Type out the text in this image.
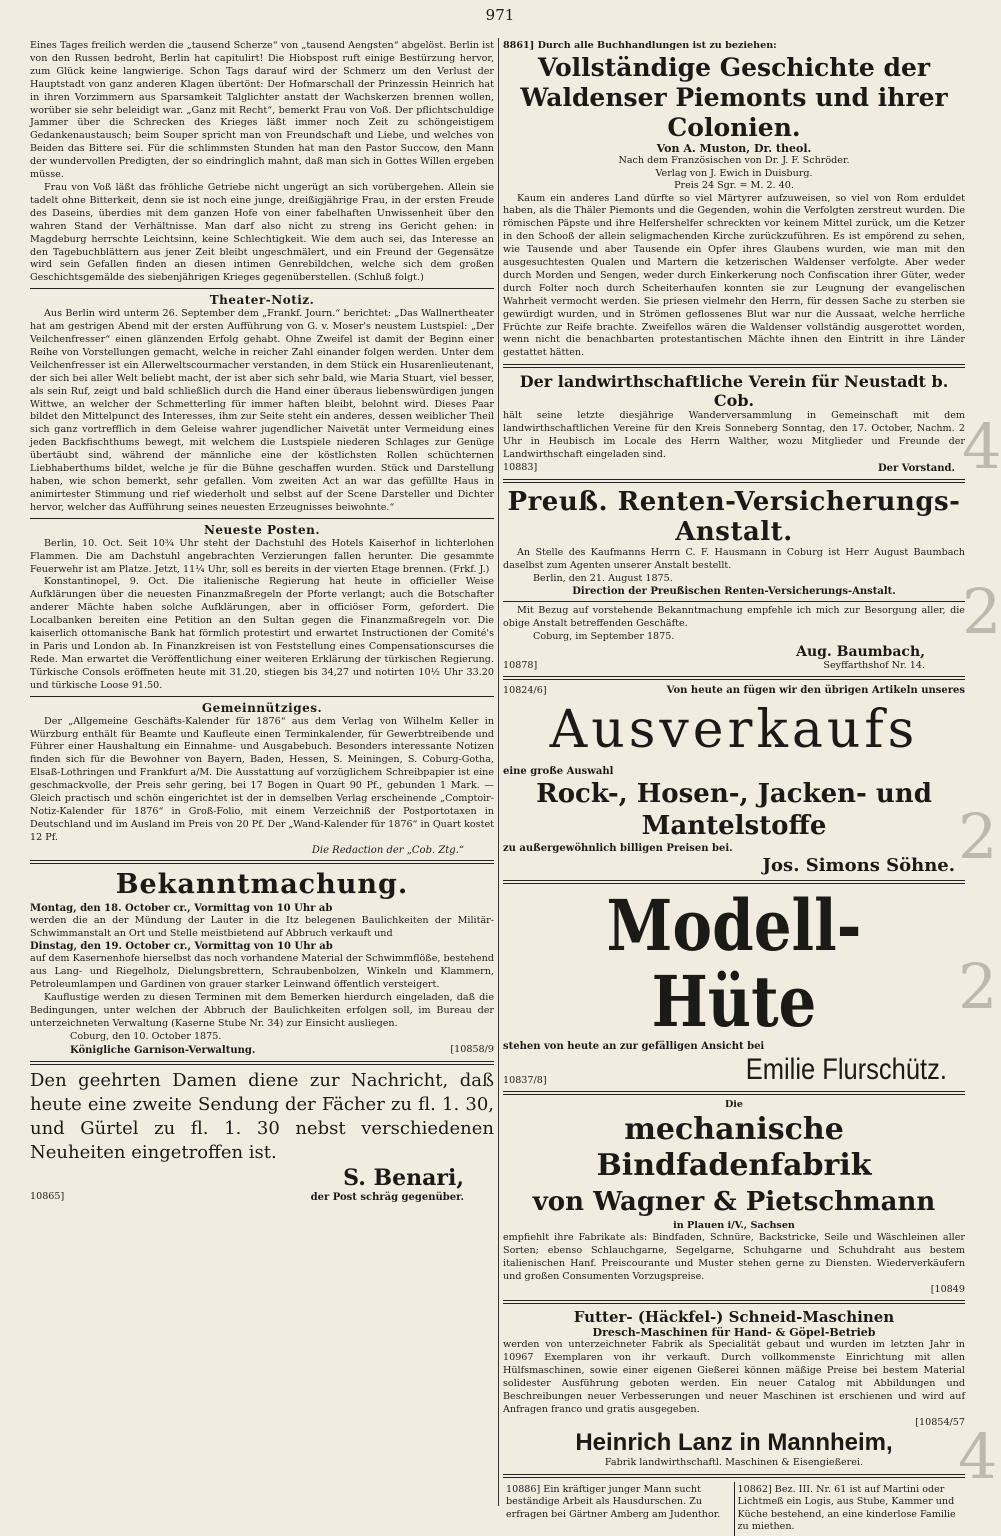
971

Eines Tages freilich werden die „tausend Scherze“ von „tausend Aengsten“ abgelöst. Berlin ist von den Russen bedroht, Berlin hat capitulirt! Die Hiobspost ruft einige Bestürzung hervor, zum Glück keine langwierige. Schon Tags darauf wird der Schmerz um den Verlust der Hauptstadt von ganz anderen Klagen übertönt: Der Hofmarschall der Prinzessin Heinrich hat in ihren Vorzimmern aus Sparsamkeit Talglichter anstatt der Wachskerzen brennen wollen, worüber sie sehr beleidigt war. „Ganz mit Recht“, bemerkt Frau von Voß. Der pflichtschuldige Jammer über die Schrecken des Krieges läßt immer noch Zeit zu schöngeistigem Gedankenaustausch; beim Souper spricht man von Freundschaft und Liebe, und welches von Beiden das Bittere sei. Für die schlimmsten Stunden hat man den Pastor Succow, den Mann der wundervollen Predigten, der so eindringlich mahnt, daß man sich in Gottes Willen ergeben müsse.

Frau von Voß läßt das fröhliche Getriebe nicht ungerügt an sich vorübergehen. Allein sie tadelt ohne Bitterkeit, denn sie ist noch eine junge, dreißigjährige Frau, in der ersten Freude des Daseins, überdies mit dem ganzen Hofe von einer fabelhaften Unwissenheit über den wahren Stand der Verhältnisse. Man darf also nicht zu streng ins Gericht gehen: in Magdeburg herrschte Leichtsinn, keine Schlechtigkeit. Wie dem auch sei, das Interesse an den Tagebuchblättern aus jener Zeit bleibt ungeschmälert, und ein Freund der Gegensätze wird sein Gefallen finden an diesen intimen Genrebildchen, welche sich dem großen Geschichtsgemälde des siebenjährigen Krieges gegenüberstellen. (Schluß folgt.)

Theater-Notiz.

Aus Berlin wird unterm 26. September dem „Frankf. Journ.“ berichtet: „Das Wallnertheater hat am gestrigen Abend mit der ersten Aufführung von G. v. Moser's neustem Lustspiel: „Der Veilchenfresser“ einen glänzenden Erfolg gehabt. Ohne Zweifel ist damit der Beginn einer Reihe von Vorstellungen gemacht, welche in reicher Zahl einander folgen werden. Unter dem Veilchenfresser ist ein Allerweltscourmacher verstanden, in dem Stück ein Husarenlieutenant, der sich bei aller Welt beliebt macht, der ist aber sich sehr bald, wie Maria Stuart, viel besser, als sein Ruf, zeigt und bald schließlich durch die Hand einer überaus liebenswürdigen jungen Wittwe, an welcher der Schmetterling für immer haften bleibt, belohnt wird. Dieses Paar bildet den Mittelpunct des Interesses, ihm zur Seite steht ein anderes, dessen weiblicher Theil sich ganz vortrefflich in dem Geleise wahrer jugendlicher Naivetät unter Vermeidung eines jeden Backfischthums bewegt, mit welchem die Lustspiele niederen Schlages zur Genüge übertäubt sind, während der männliche eine der köstlichsten Rollen schüchternen Liebhaberthums bildet, welche je für die Bühne geschaffen wurden. Stück und Darstellung haben, wie schon bemerkt, sehr gefallen. Vom zweiten Act an war das gefüllte Haus in animirtester Stimmung und rief wiederholt und selbst auf der Scene Darsteller und Dichter hervor, welcher das Aufführung seines neuesten Erzeugnisses beiwohnte.“

Neueste Posten.

Berlin, 10. Oct. Seit 10¾ Uhr steht der Dachstuhl des Hotels Kaiserhof in lichterlohen Flammen. Die am Dachstuhl angebrachten Verzierungen fallen herunter. Die gesammte Feuerwehr ist am Platze. Jetzt, 11¼ Uhr, soll es bereits in der vierten Etage brennen. (Frkf. J.)

Konstantinopel, 9. Oct. Die italienische Regierung hat heute in officieller Weise Aufklärungen über die neuesten Finanzmaßregeln der Pforte verlangt; auch die Botschafter anderer Mächte haben solche Aufklärungen, aber in officiöser Form, gefordert. Die Localbanken bereiten eine Petition an den Sultan gegen die Finanzmaßregeln vor. Die kaiserlich ottomanische Bank hat förmlich protestirt und erwartet Instructionen der Comité's in Paris und London ab. In Finanzkreisen ist von Feststellung eines Compensationscurses die Rede. Man erwartet die Veröffentlichung einer weiteren Erklärung der türkischen Regierung. Türkische Consols eröffneten heute mit 31.20, stiegen bis 34,27 und notirten 10½ Uhr 33.20 und türkische Loose 91.50.

Gemeinnütziges.

Der „Allgemeine Geschäfts-Kalender für 1876“ aus dem Verlag von Wilhelm Keller in Würzburg enthält für Beamte und Kaufleute einen Terminkalender, für Gewerbtreibende und Führer einer Haushaltung ein Einnahme- und Ausgabebuch. Besonders interessante Notizen finden sich für die Bewohner von Bayern, Baden, Hessen, S. Meiningen, S. Coburg-Gotha, Elsaß-Lothringen und Frankfurt a/M. Die Ausstattung auf vorzüglichem Schreibpapier ist eine geschmackvolle, der Preis sehr gering, bei 17 Bogen in Quart 90 Pf., gebunden 1 Mark. — Gleich practisch und schön eingerichtet ist der in demselben Verlag erscheinende „Comptoir-Notiz-Kalender für 1876“ in Groß-Folio, mit einem Verzeichniß der Postportotaxen in Deutschland und im Ausland im Preis von 20 Pf. Der „Wand-Kalender für 1876“ in Quart kostet 12 Pf.

Die Redaction der „Cob. Ztg.“
Bekanntmachung.

Montag, den 18. October cr., Vormittag von 10 Uhr ab

werden die an der Mündung der Lauter in die Itz belegenen Baulichkeiten der Militär-Schwimmanstalt an Ort und Stelle meistbietend auf Abbruch verkauft und

Dinstag, den 19. October cr., Vormittag von 10 Uhr ab

auf dem Kasernenhofe hierselbst das noch vorhandene Material der Schwimmflöße, bestehend aus Lang- und Riegelholz, Dielungsbrettern, Schraubenbolzen, Winkeln und Klammern, Petroleumlampen und Gardinen von grauer starker Leinwand öffentlich versteigert.

Kauflustige werden zu diesen Terminen mit dem Bemerken hierdurch eingeladen, daß die Bedingungen, unter welchen der Abbruch der Baulichkeiten erfolgen soll, im Bureau der unterzeichneten Verwaltung (Kaserne Stube Nr. 34) zur Einsicht ausliegen.

Coburg, den 10. October 1875.

Königliche Garnison-Verwaltung.	[10858/9

Den geehrten Damen diene zur Nachricht, daß heute eine zweite Sendung der Fächer zu fl. 1. 30, und Gürtel zu fl. 1. 30 nebst verschiedenen Neuheiten eingetroffen ist.

S. Benari,
10865]	der Post schräg gegenüber.

8861] Durch alle Buchhandlungen ist zu beziehen:

Vollständige Geschichte der Waldenser Piemonts und ihrer Colonien.

Von A. Muston, Dr. theol.

Nach dem Französischen von Dr. J. F. Schröder.

Verlag von J. Ewich in Duisburg.

Preis 24 Sgr. = M. 2. 40.

Kaum ein anderes Land dürfte so viel Märtyrer aufzuweisen, so viel von Rom erduldet haben, als die Thäler Piemonts und die Gegenden, wohin die Verfolgten zerstreut wurden. Die römischen Päpste und ihre Helfershelfer schreckten vor keinem Mittel zurück, um die Ketzer in den Schooß der allein seligmachenden Kirche zurückzuführen. Es ist empörend zu sehen, wie Tausende und aber Tausende ein Opfer ihres Glaubens wurden, wie man mit den ausgesuchtesten Qualen und Martern die ketzerischen Waldenser verfolgte. Aber weder durch Morden und Sengen, weder durch Einkerkerung noch Confiscation ihrer Güter, weder durch Folter noch durch Scheiterhaufen konnten sie zur Leugnung der evangelischen Wahrheit vermocht werden. Sie priesen vielmehr den Herrn, für dessen Sache zu sterben sie gewürdigt wurden, und in Strömen geflossenes Blut war nur die Aussaat, welche herrliche Früchte zur Reife brachte. Zweifellos wären die Waldenser vollständig ausgerottet worden, wenn nicht die benachbarten protestantischen Mächte ihnen den Eintritt in ihre Länder gestattet hätten.

Der landwirthschaftliche Verein für Neustadt b. Cob.

hält seine letzte diesjährige Wanderversammlung in Gemeinschaft mit dem landwirthschaftlichen Vereine für den Kreis Sonneberg Sonntag, den 17. October, Nachm. 2 Uhr in Heubisch im Locale des Herrn Walther, wozu Mitglieder und Freunde der Landwirthschaft eingeladen sind.

10883]	Der Vorstand.
Preuß. Renten-Versicherungs-Anstalt.

An Stelle des Kaufmanns Herrn C. F. Hausmann in Coburg ist Herr August Baumbach daselbst zum Agenten unserer Anstalt bestellt.

Berlin, den 21. August 1875.

Direction der Preußischen Renten-Versicherungs-Anstalt.

Mit Bezug auf vorstehende Bekanntmachung empfehle ich mich zur Besorgung aller, die obige Anstalt betreffenden Geschäfte.

Coburg, im September 1875.

Aug. Baumbach,
10878]	Seyffarthshof Nr. 14.
10824/6]	Von heute an fügen wir den übrigen Artikeln unseres
Ausverkaufs

eine große Auswahl

Rock-, Hosen-, Jacken- und Mantelstoffe

zu außergewöhnlich billigen Preisen bei.

Jos. Simons Söhne.
Modell-Hüte

stehen von heute an zur gefälligen Ansicht bei

10837/8]	Emilie Flurschütz.

Die

mechanische Bindfadenfabrik
von Wagner & Pietschmann

in Plauen i/V., Sachsen

empfiehlt ihre Fabrikate als: Bindfaden, Schnüre, Backstricke, Seile und Wäschleinen aller Sorten; ebenso Schlauchgarne, Segelgarne, Schuhgarne und Schuhdraht aus bestem italienischen Hanf. Preiscourante und Muster stehen gerne zu Diensten. Wiederverkäufern und großen Consumenten Vorzugspreise.

[10849
Futter- (Häckfel-) Schneid-Maschinen
Dresch-Maschinen für Hand- & Göpel-Betrieb

werden von unterzeichneter Fabrik als Specialität gebaut und wurden im letzten Jahr in 10967 Exemplaren von ihr verkauft. Durch vollkommenste Einrichtung mit allen Hülfsmaschinen, sowie einer eigenen Gießerei können mäßige Preise bei bestem Material solidester Ausführung geboten werden. Ein neuer Catalog mit Abbildungen und Beschreibungen neuer Verbesserungen und neuer Maschinen ist erschienen und wird auf Anfragen franco und gratis ausgegeben.

[10854/57
Heinrich Lanz in Mannheim,

Fabrik landwirthschaftl. Maschinen & Eisengießerei.

10886] Ein kräftiger junger Mann sucht beständige Arbeit als Hausdurschen. Zu erfragen bei Gärtner Amberg am Judenthor.
10862] Bez. III. Nr. 61 ist auf Martini oder Lichtmeß ein Logis, aus Stube, Kammer und Küche bestehend, an eine kinderlose Familie zu miethen.
4
2
2
2
4
